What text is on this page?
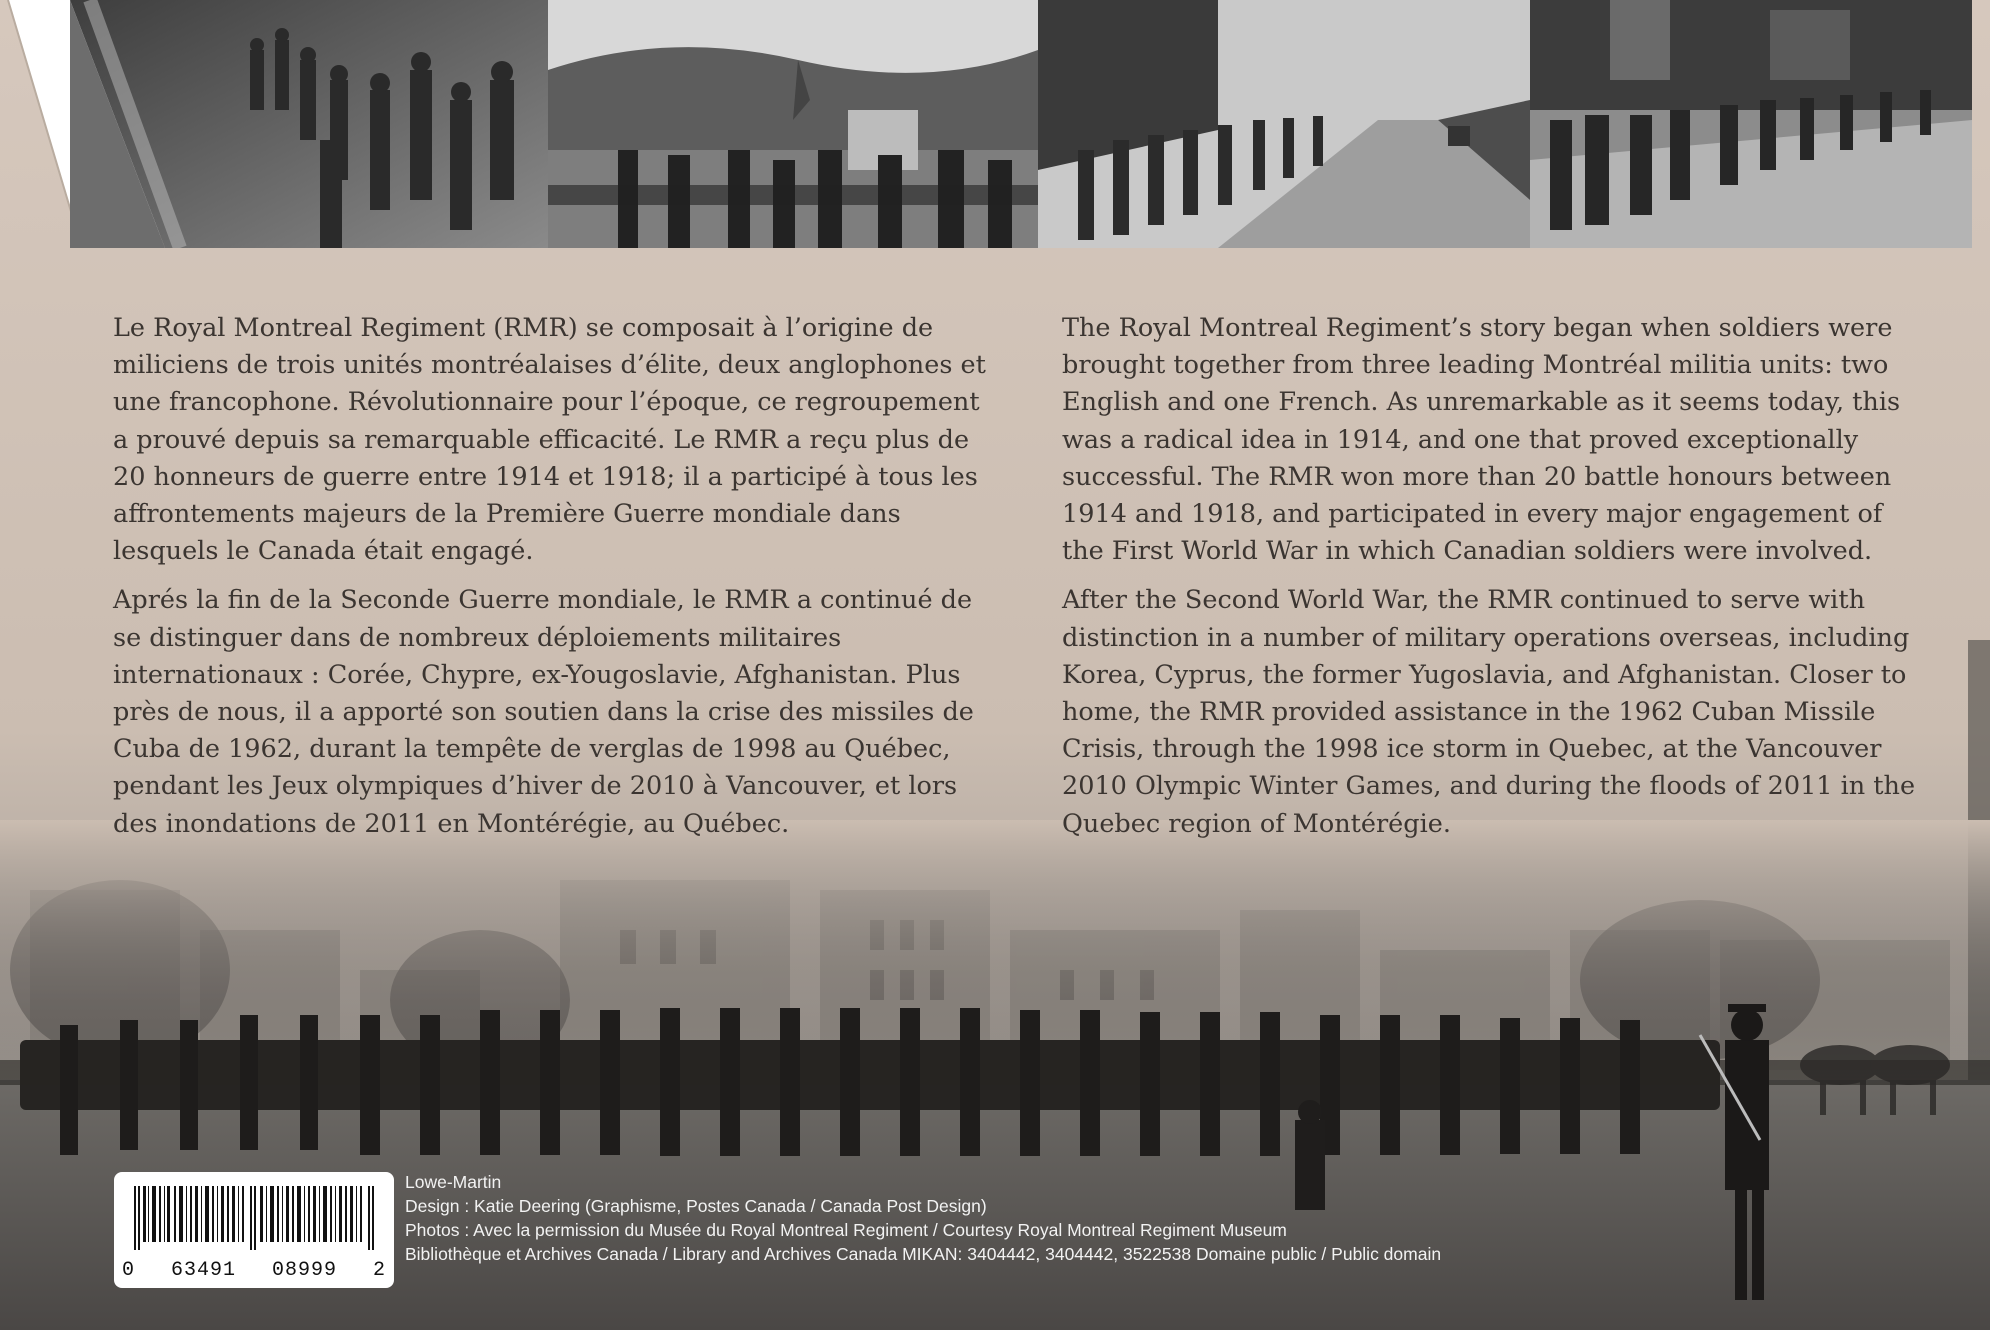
Le Royal Montreal Regiment (RMR) se composait à l’origine de miliciens de trois unités montréalaises d’élite, deux anglophones et une francophone. Révolutionnaire pour l’époque, ce regroupement a prouvé depuis sa remarquable efficacité. Le RMR a reçu plus de 20 honneurs de guerre entre 1914 et 1918; il a participé à tous les affrontements majeurs de la Première Guerre mondiale dans lesquels le Canada était engagé.

Aprés la fin de la Seconde Guerre mondiale, le RMR a continué de se distinguer dans de nombreux déploiements militaires internationaux : Corée, Chypre, ex-Yougoslavie, Afghanistan. Plus près de nous, il a apporté son soutien dans la crise des missiles de Cuba de 1962, durant la tempête de verglas de 1998 au Québec, pendant les Jeux olympiques d’hiver de 2010 à Vancouver, et lors des inondations de 2011 en Montérégie, au Québec.

The Royal Montreal Regiment’s story began when soldiers were brought together from three leading Montréal militia units: two English and one French. As unremarkable as it seems today, this was a radical idea in 1914, and one that proved exceptionally successful. The RMR won more than 20 battle honours between 1914 and 1918, and participated in every major engagement of the First World War in which Canadian soldiers were involved.

After the Second World War, the RMR continued to serve with distinction in a number of military operations overseas, including Korea, Cyprus, the former Yugoslavia, and Afghanistan. Closer to home, the RMR provided assistance in the 1962 Cuban Missile Crisis, through the 1998 ice storm in Quebec, at the Vancouver 2010 Olympic Winter Games, and during the floods of 2011 in the Quebec region of Montérégie.

0 63491 08999 2
Lowe-Martin
Design : Katie Deering (Graphisme, Postes Canada / Canada Post Design)
Photos : Avec la permission du Musée du Royal Montreal Regiment / Courtesy Royal Montreal Regiment Museum
Bibliothèque et Archives Canada / Library and Archives Canada MIKAN: 3404442, 3404442, 3522538 Domaine public / Public domain
